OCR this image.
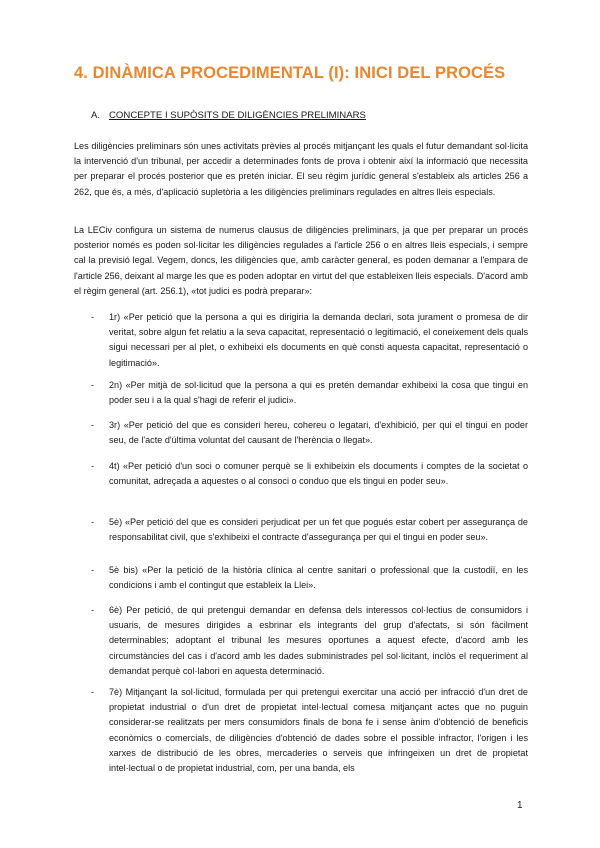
4. DINÀMICA PROCEDIMENTAL (I): INICI DEL PROCÉS
A. CONCEPTE I SUPÒSITS DE DILIGÈNCIES PRELIMINARS

Les diligències preliminars són unes activitats prèvies al procés mitjançant les quals el futur demandant sol·licita la intervenció d'un tribunal, per accedir a determinades fonts de prova i obtenir així la informació que necessita per preparar el procés posterior que es pretén iniciar. El seu règim jurídic general s'estableix als articles 256 a 262, que és, a més, d'aplicació supletòria a les diligències preliminars regulades en altres lleis especials.

La LECiv configura un sistema de numerus clausus de diligències preliminars, ja que per preparar un procés posterior només es poden sol·licitar les diligències regulades a l'article 256 o en altres lleis especials, i sempre cal la previsió legal. Vegem, doncs, les diligències que, amb caràcter general, es poden demanar a l'empara de l'article 256, deixant al marge les que es poden adoptar en virtut del que estableixen lleis especials. D'acord amb el règim general (art. 256.1), «tot judici es podrà preparar»:

-	1r) «Per petició que la persona a qui es dirigiria la demanda declari, sota jurament o promesa de dir veritat, sobre algun fet relatiu a la seva capacitat, representació o legitimació, el coneixement dels quals sigui necessari per al plet, o exhibeixi els documents en què consti aquesta capacitat, representació o legitimació».
-	2n) «Per mitjà de sol·licitud que la persona a qui es pretén demandar exhibeixi la cosa que tingui en poder seu i a la qual s'hagi de referir el judici».
-	3r) «Per petició del que es consideri hereu, cohereu o legatari, d'exhibició, per qui el tingui en poder seu, de l'acte d'última voluntat del causant de l'herència o llegat».
-	4t) «Per petició d'un soci o comuner perquè se li exhibeixin els documents i comptes de la societat o comunitat, adreçada a aquestes o al consoci o conduo que els tingui en poder seu».
-	5è) «Per petició del que es consideri perjudicat per un fet que pogués estar cobert per assegurança de responsabilitat civil, que s'exhibeixi el contracte d'assegurança per qui el tingui en poder seu».
-	5è bis) «Per la petició de la història clínica al centre sanitari o professional que la custodiï, en les condicions i amb el contingut que estableix la Llei».
-	6è) Per petició, de qui pretengui demandar en defensa dels interessos col·lectius de consumidors i usuaris, de mesures dirigides a esbrinar els integrants del grup d'afectats, si són fàcilment determinables; adoptant el tribunal les mesures oportunes a aquest efecte, d'acord amb les circumstàncies del cas i d'acord amb les dades subministrades pel sol·licitant, inclòs el requeriment al demandat perquè col·labori en aquesta determinació.
-	7è) Mitjançant la sol·licitud, formulada per qui pretengui exercitar una acció per infracció d'un dret de propietat industrial o d'un dret de propietat intel·lectual comesa mitjançant actes que no puguin considerar-se realitzats per mers consumidors finals de bona fe i sense ànim d'obtenció de beneficis econòmics o comercials, de diligències d'obtenció de dades sobre el possible infractor, l'origen i les xarxes de distribució de les obres, mercaderies o serveis que infringeixen un dret de propietat intel·lectual o de propietat industrial, com, per una banda, els
1
